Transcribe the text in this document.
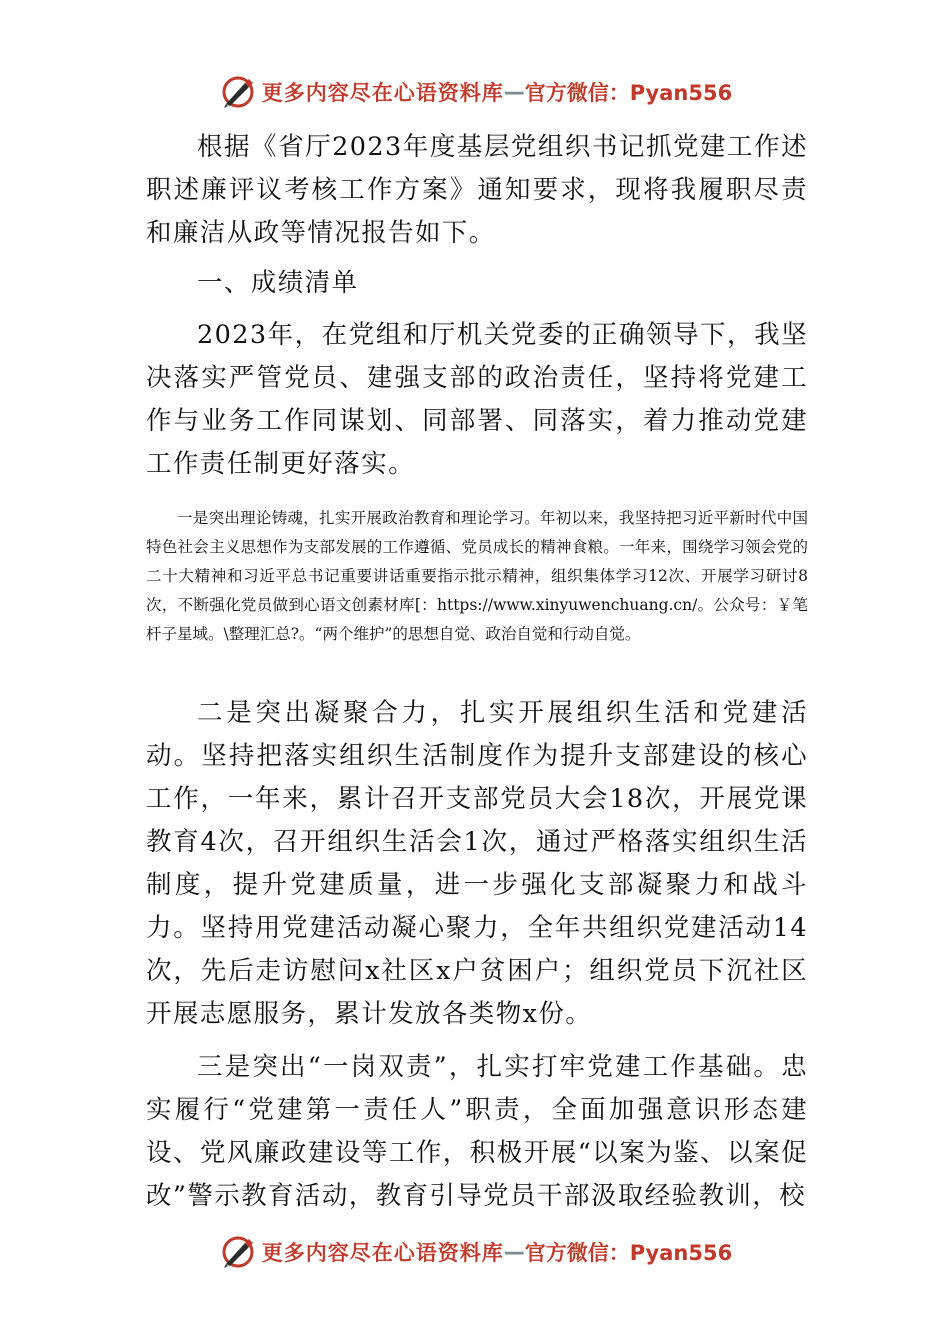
更多内容尽在心语资料库 — 官方微信：Pyan556

根据《省厅2023年度基层党组织书记抓党建工作述职述廉评议考核工作方案》通知要求，现将我履职尽责和廉洁从政等情况报告如下。

一、成绩清单

2023年，在党组和厅机关党委的正确领导下，我坚决落实严管党员、建强支部的政治责任，坚持将党建工作与业务工作同谋划、同部署、同落实，着力推动党建工作责任制更好落实。

一是突出理论铸魂，扎实开展政治教育和理论学习。年初以来，我坚持把习近平新时代中国特色社会主义思想作为支部发展的工作遵循、党员成长的精神食粮。一年来，围绕学习领会党的二十大精神和习近平总书记重要讲话重要指示批示精神，组织集体学习12次、开展学习研讨8次，不断强化党员做到心语文创素材库[：https://www.xinyuwenchuang.cn/。公众号：￥笔杆子星域。\整理汇总?。“两个维护”的思想自觉、政治自觉和行动自觉。

二是突出凝聚合力，扎实开展组织生活和党建活动。坚持把落实组织生活制度作为提升支部建设的核心工作，一年来，累计召开支部党员大会18次，开展党课教育4次，召开组织生活会1次，通过严格落实组织生活制度，提升党建质量，进一步强化支部凝聚力和战斗力。坚持用党建活动凝心聚力，全年共组织党建活动14次，先后走访慰问x社区x户贫困户；组织党员下沉社区开展志愿服务，累计发放各类物x份。

三是突出“一岗双责”，扎实打牢党建工作基础。忠实履行“党建第一责任人”职责，全面加强意识形态建设、党风廉政建设等工作，积极开展“以案为鉴、以案促改”警示教育活动，教育引导党员干部汲取经验教训，校

更多内容尽在心语资料库 — 官方微信：Pyan556
